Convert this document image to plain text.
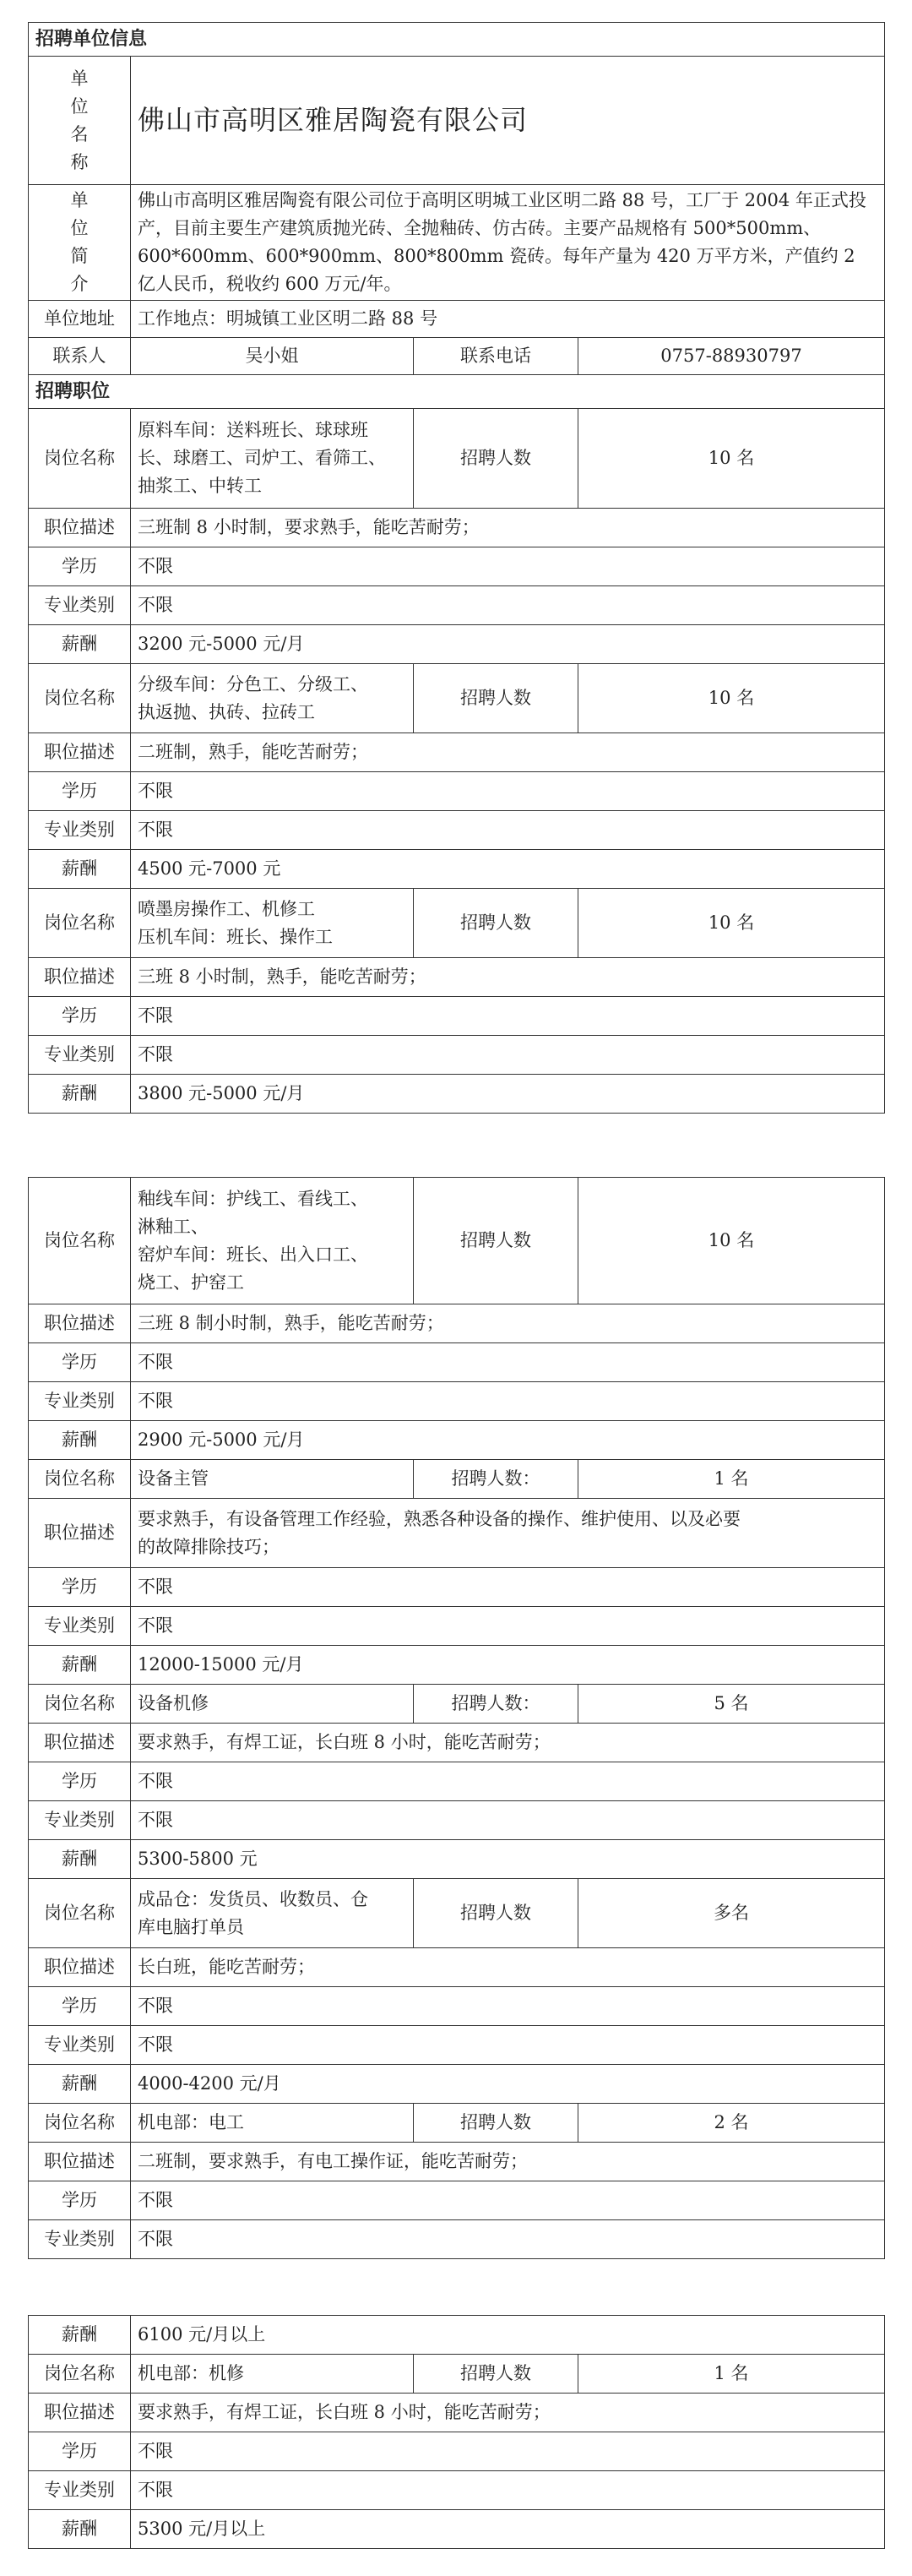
招聘单位信息			

单
位
名
称	佛山市高明区雅居陶瓷有限公司		

单
位
简
介	佛山市高明区雅居陶瓷有限公司位于高明区明城工业区明二路 88 号，工厂于 2004 年正式投产，目前主要生产建筑质抛光砖、全抛釉砖、仿古砖。主要产品规格有 500*500mm、600*600mm、600*900mm、800*800mm 瓷砖。每年产量为 420 万平方米，产值约 2 亿人民币，税收约 600 万元/年。		
单位地址	工作地点：明城镇工业区明二路 88 号		
联系人	吴小姐	联系电话	0757-88930797
招聘职位			
岗位名称	原料车间：送料班长、球球班
长、球磨工、司炉工、看筛工、
抽浆工、中转工	招聘人数	10 名
职位描述	三班制 8 小时制，要求熟手，能吃苦耐劳；		
学历	不限		
专业类别	不限		
薪酬	3200 元-5000 元/月		
岗位名称	分级车间：分色工、分级工、
执返抛、执砖、拉砖工	招聘人数	10 名
职位描述	二班制，熟手，能吃苦耐劳；		
学历	不限		
专业类别	不限		
薪酬	4500 元-7000 元		
岗位名称	喷墨房操作工、机修工
压机车间：班长、操作工	招聘人数	10 名
职位描述	三班 8 小时制，熟手，能吃苦耐劳；		
学历	不限		
专业类别	不限		
薪酬	3800 元-5000 元/月		
岗位名称	釉线车间：护线工、看线工、
淋釉工、
窑炉车间：班长、出入口工、
烧工、护窑工	招聘人数	10 名
职位描述	三班 8 制小时制，熟手，能吃苦耐劳；		
学历	不限		
专业类别	不限		
薪酬	2900 元-5000 元/月		
岗位名称	设备主管	招聘人数：	1 名
职位描述	要求熟手，有设备管理工作经验，熟悉各种设备的操作、维护使用、以及必要
的故障排除技巧；		
学历	不限		
专业类别	不限		
薪酬	12000-15000 元/月		
岗位名称	设备机修	招聘人数：	5 名
职位描述	要求熟手，有焊工证，长白班 8 小时，能吃苦耐劳；		
学历	不限		
专业类别	不限		
薪酬	5300-5800 元		
岗位名称	成品仓：发货员、收数员、仓
库电脑打单员	招聘人数	多名
职位描述	长白班，能吃苦耐劳；		
学历	不限		
专业类别	不限		
薪酬	4000-4200 元/月		
岗位名称	机电部：电工	招聘人数	2 名
职位描述	二班制，要求熟手，有电工操作证，能吃苦耐劳；		
学历	不限		
专业类别	不限		
薪酬	6100 元/月以上		
岗位名称	机电部：机修	招聘人数	1 名
职位描述	要求熟手，有焊工证，长白班 8 小时，能吃苦耐劳；		
学历	不限		
专业类别	不限		
薪酬	5300 元/月以上		
